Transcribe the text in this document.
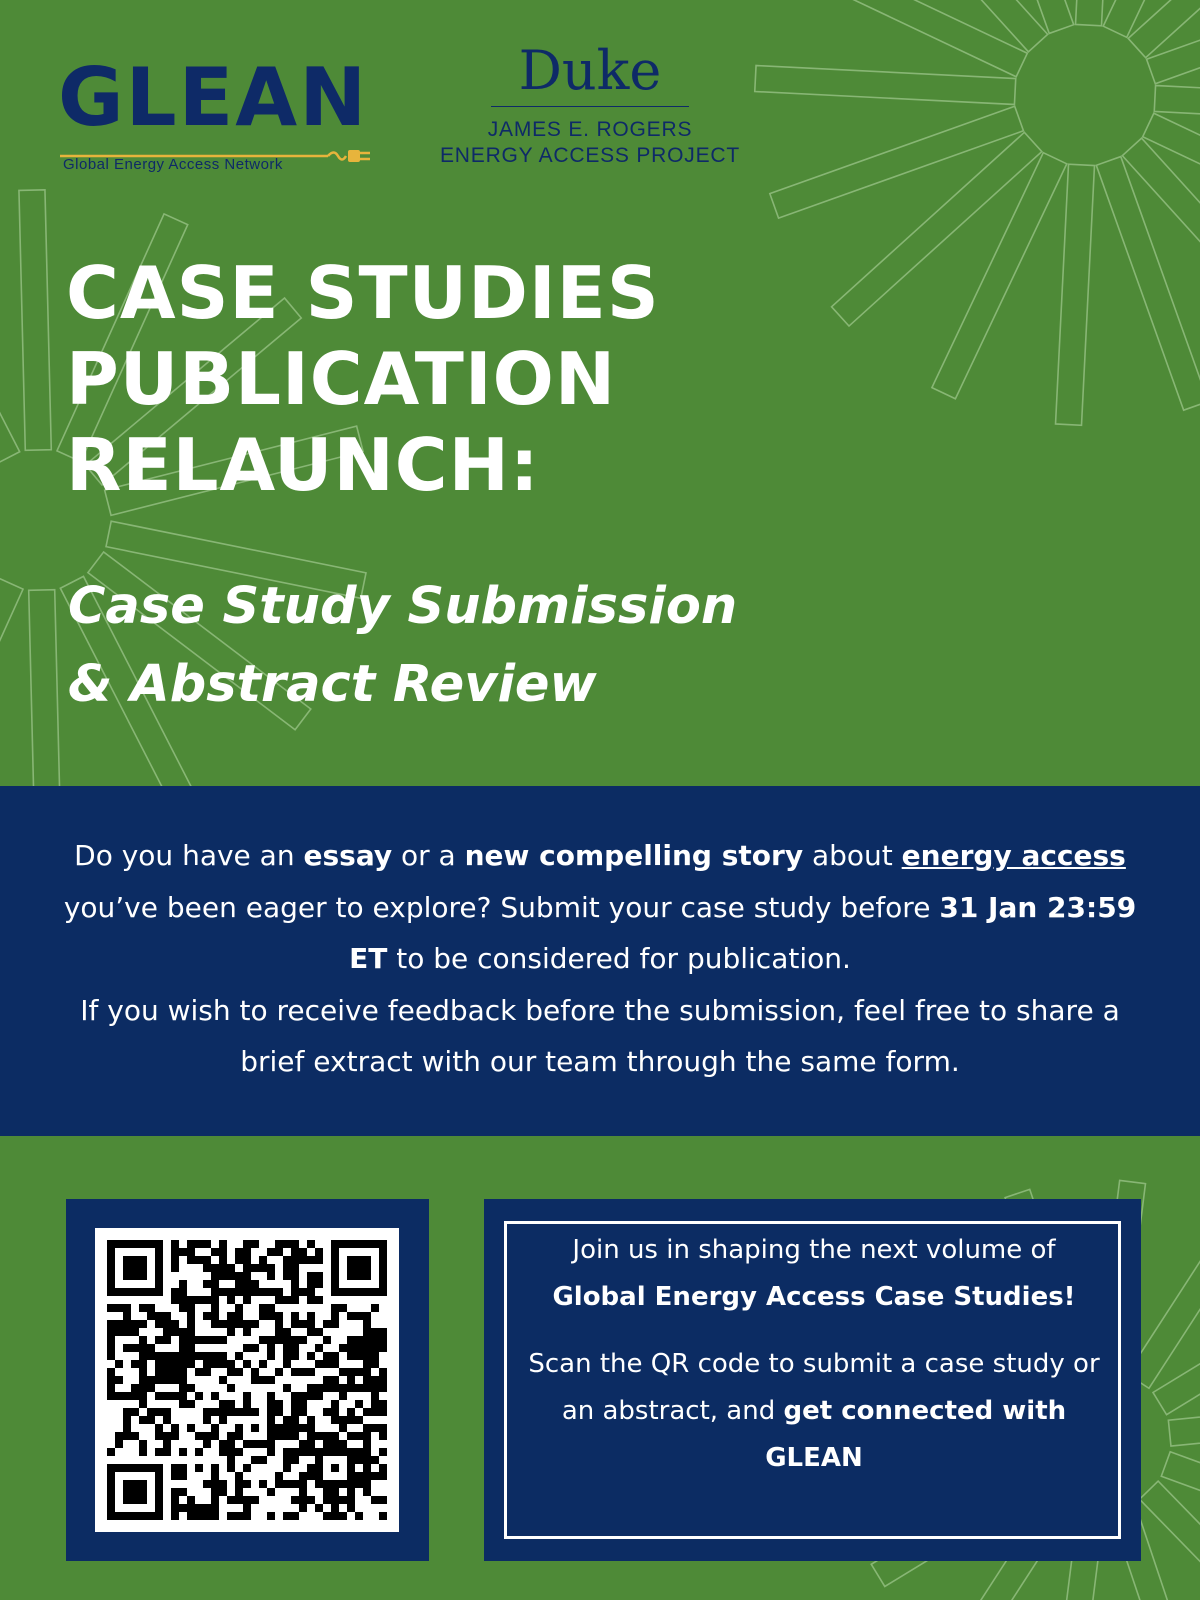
GLEAN
Global Energy Access Network
Duke
JAMES E. ROGERS
ENERGY ACCESS PROJECT
CASE STUDIES
PUBLICATION
RELAUNCH:
Case Study Submission
& Abstract Review

Do you have an essay or a new compelling story about energy access you’ve been eager to explore? Submit your case study before 31 Jan 23:59 ET to be considered for publication.
If you wish to receive feedback before the submission, feel free to share a brief extract with our team through the same form.

Join us in shaping the next volume of
Global Energy Access Case Studies!

Scan the QR code to submit a case study or an abstract, and get connected with GLEAN
